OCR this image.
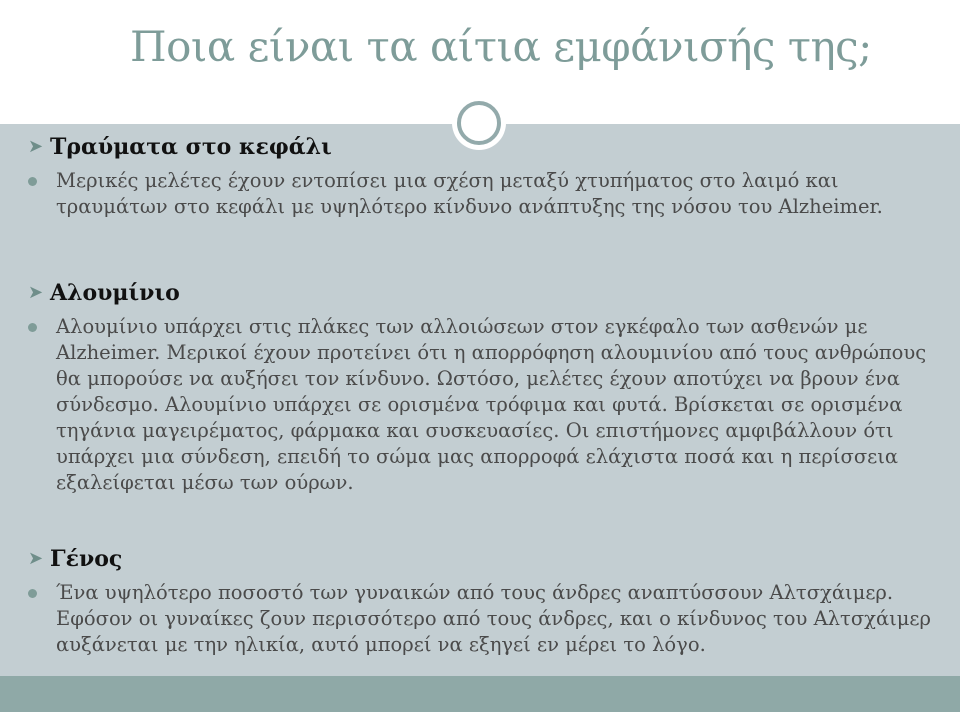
Ποια είναι τα αίτια εμφάνισής της;
➤ Τραύματα στο κεφάλι
Μερικές μελέτες έχουν εντοπίσει μια σχέση μεταξύ χτυπήματος στο λαιμό και τραυμάτων στο κεφάλι με υψηλότερο κίνδυνο ανάπτυξης της νόσου του Alzheimer.
➤ Αλουμίνιο
Αλουμίνιο υπάρχει στις πλάκες των αλλοιώσεων στον εγκέφαλο των ασθενών με Alzheimer. Μερικοί έχουν προτείνει ότι η απορρόφηση αλουμινίου από τους ανθρώπους θα μπορούσε να αυξήσει τον κίνδυνο. Ωστόσο, μελέτες έχουν αποτύχει να βρουν ένα σύνδεσμο. Αλουμίνιο υπάρχει σε ορισμένα τρόφιμα και φυτά. Βρίσκεται σε ορισμένα τηγάνια μαγειρέματος, φάρμακα και συσκευασίες. Οι επιστήμονες αμφιβάλλουν ότι υπάρχει μια σύνδεση, επειδή το σώμα μας απορροφά ελάχιστα ποσά και η περίσσεια εξαλείφεται μέσω των ούρων.
➤ Γένος
Ένα υψηλότερο ποσοστό των γυναικών από τους άνδρες αναπτύσσουν Αλτσχάιμερ. Εφόσον οι γυναίκες ζουν περισσότερο από τους άνδρες, και ο κίνδυνος του Αλτσχάιμερ αυξάνεται με την ηλικία, αυτό μπορεί να εξηγεί εν μέρει το λόγο.
